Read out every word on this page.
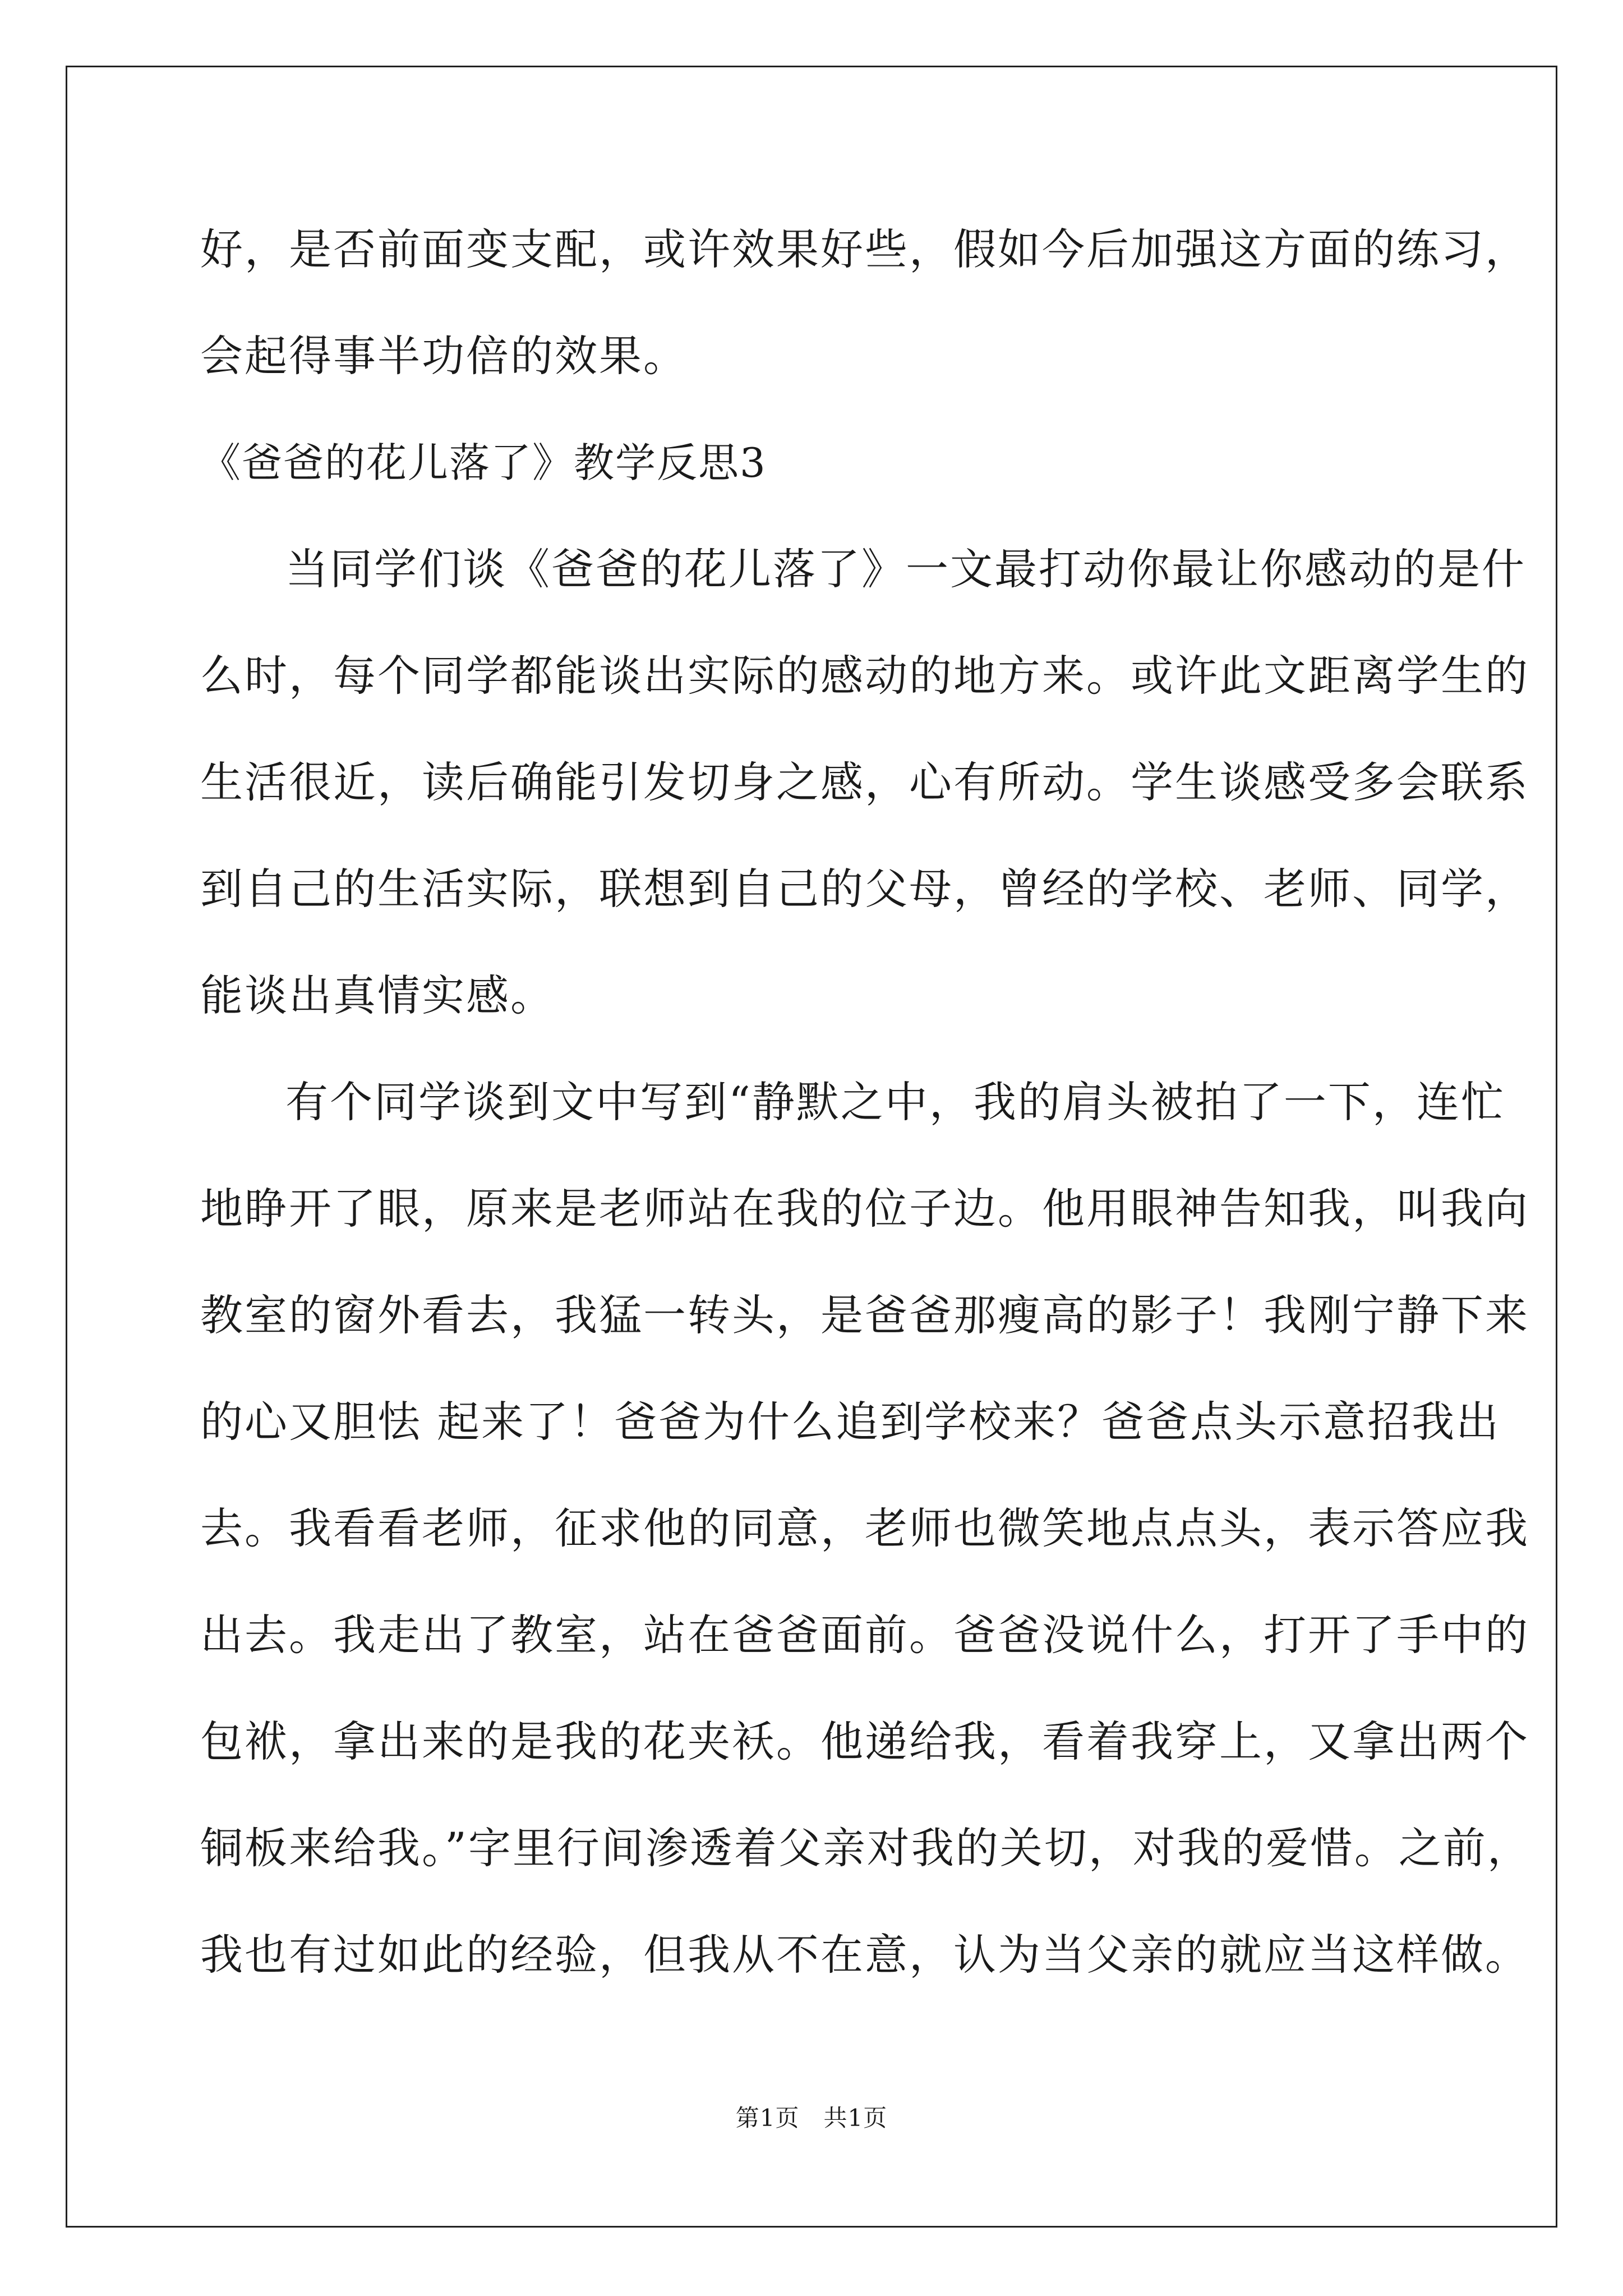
好，是否前面变支配，或许效果好些，假如今后加强这方面的练习，
会起得事半功倍的效果。
《爸爸的花儿落了》教学反思3
当同学们谈《爸爸的花儿落了》一文最打动你最让你感动的是什
么时，每个同学都能谈出实际的感动的地方来。或许此文距离学生的
生活很近，读后确能引发切身之感，心有所动。学生谈感受多会联系
到自己的生活实际，联想到自己的父母，曾经的学校、老师、同学，
能谈出真情实感。
有个同学谈到文中写到“静默之中，我的肩头被拍了一下，连忙
地睁开了眼，原来是老师站在我的位子边。他用眼神告知我，叫我向
教室的窗外看去，我猛一转头，是爸爸那瘦高的影子！我刚宁静下来
的心又胆怯 起来了！爸爸为什么追到学校来？爸爸点头示意招我出
去。我看看老师，征求他的同意，老师也微笑地点点头，表示答应我
出去。我走出了教室，站在爸爸面前。爸爸没说什么，打开了手中的
包袱，拿出来的是我的花夹袄。他递给我，看着我穿上，又拿出两个
铜板来给我。”字里行间渗透着父亲对我的关切，对我的爱惜。之前，
我也有过如此的经验，但我从不在意，认为当父亲的就应当这样做。
第1页　共1页
